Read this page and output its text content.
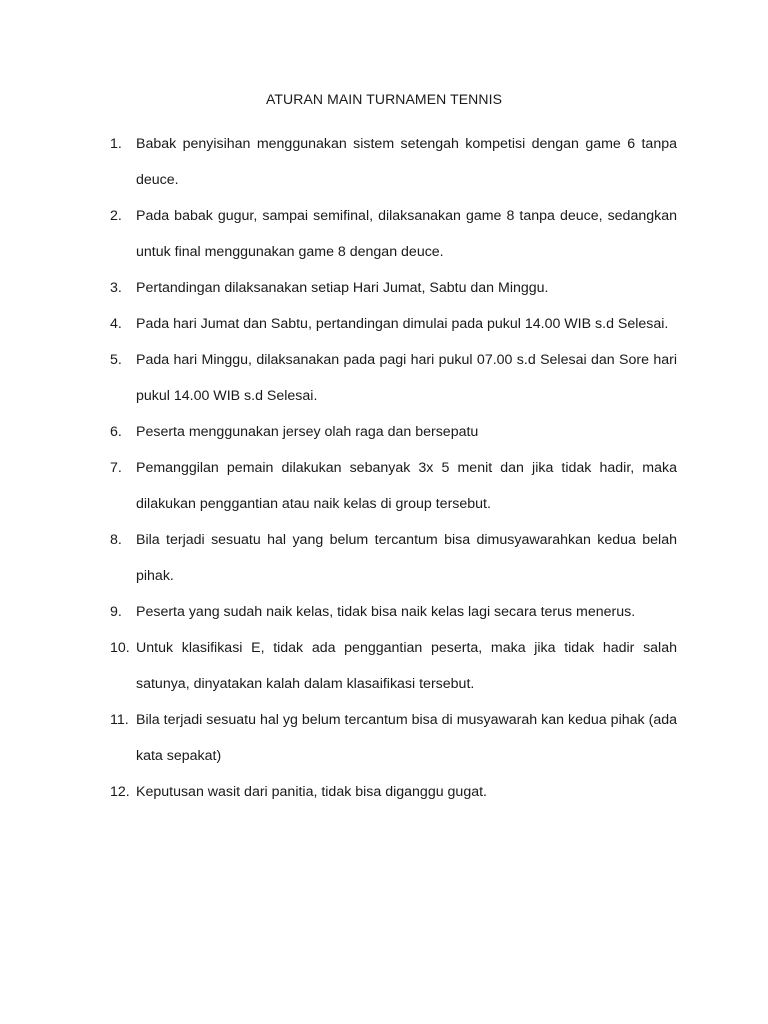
ATURAN MAIN TURNAMEN TENNIS
1. Babak penyisihan menggunakan sistem setengah kompetisi dengan game 6 tanpa deuce.
2. Pada babak gugur, sampai semifinal, dilaksanakan game 8 tanpa deuce, sedangkan untuk final menggunakan game 8 dengan deuce.
3. Pertandingan dilaksanakan setiap Hari Jumat, Sabtu dan Minggu.
4. Pada hari Jumat dan Sabtu, pertandingan dimulai pada pukul 14.00 WIB s.d Selesai.
5. Pada hari Minggu, dilaksanakan pada pagi hari pukul 07.00 s.d Selesai dan Sore hari pukul 14.00 WIB s.d Selesai.
6. Peserta menggunakan jersey olah raga dan bersepatu
7. Pemanggilan pemain dilakukan sebanyak 3x 5 menit dan jika tidak hadir, maka dilakukan penggantian atau naik kelas di group tersebut.
8. Bila terjadi sesuatu hal yang belum tercantum bisa dimusyawarahkan kedua belah pihak.
9. Peserta yang sudah naik kelas, tidak bisa naik kelas lagi secara terus menerus.
10. Untuk klasifikasi E, tidak ada penggantian peserta, maka jika tidak hadir salah satunya, dinyatakan kalah dalam klasaifikasi tersebut.
11. Bila terjadi sesuatu hal yg belum tercantum bisa di musyawarah kan kedua pihak (ada kata sepakat)
12. Keputusan wasit dari panitia, tidak bisa diganggu gugat.
